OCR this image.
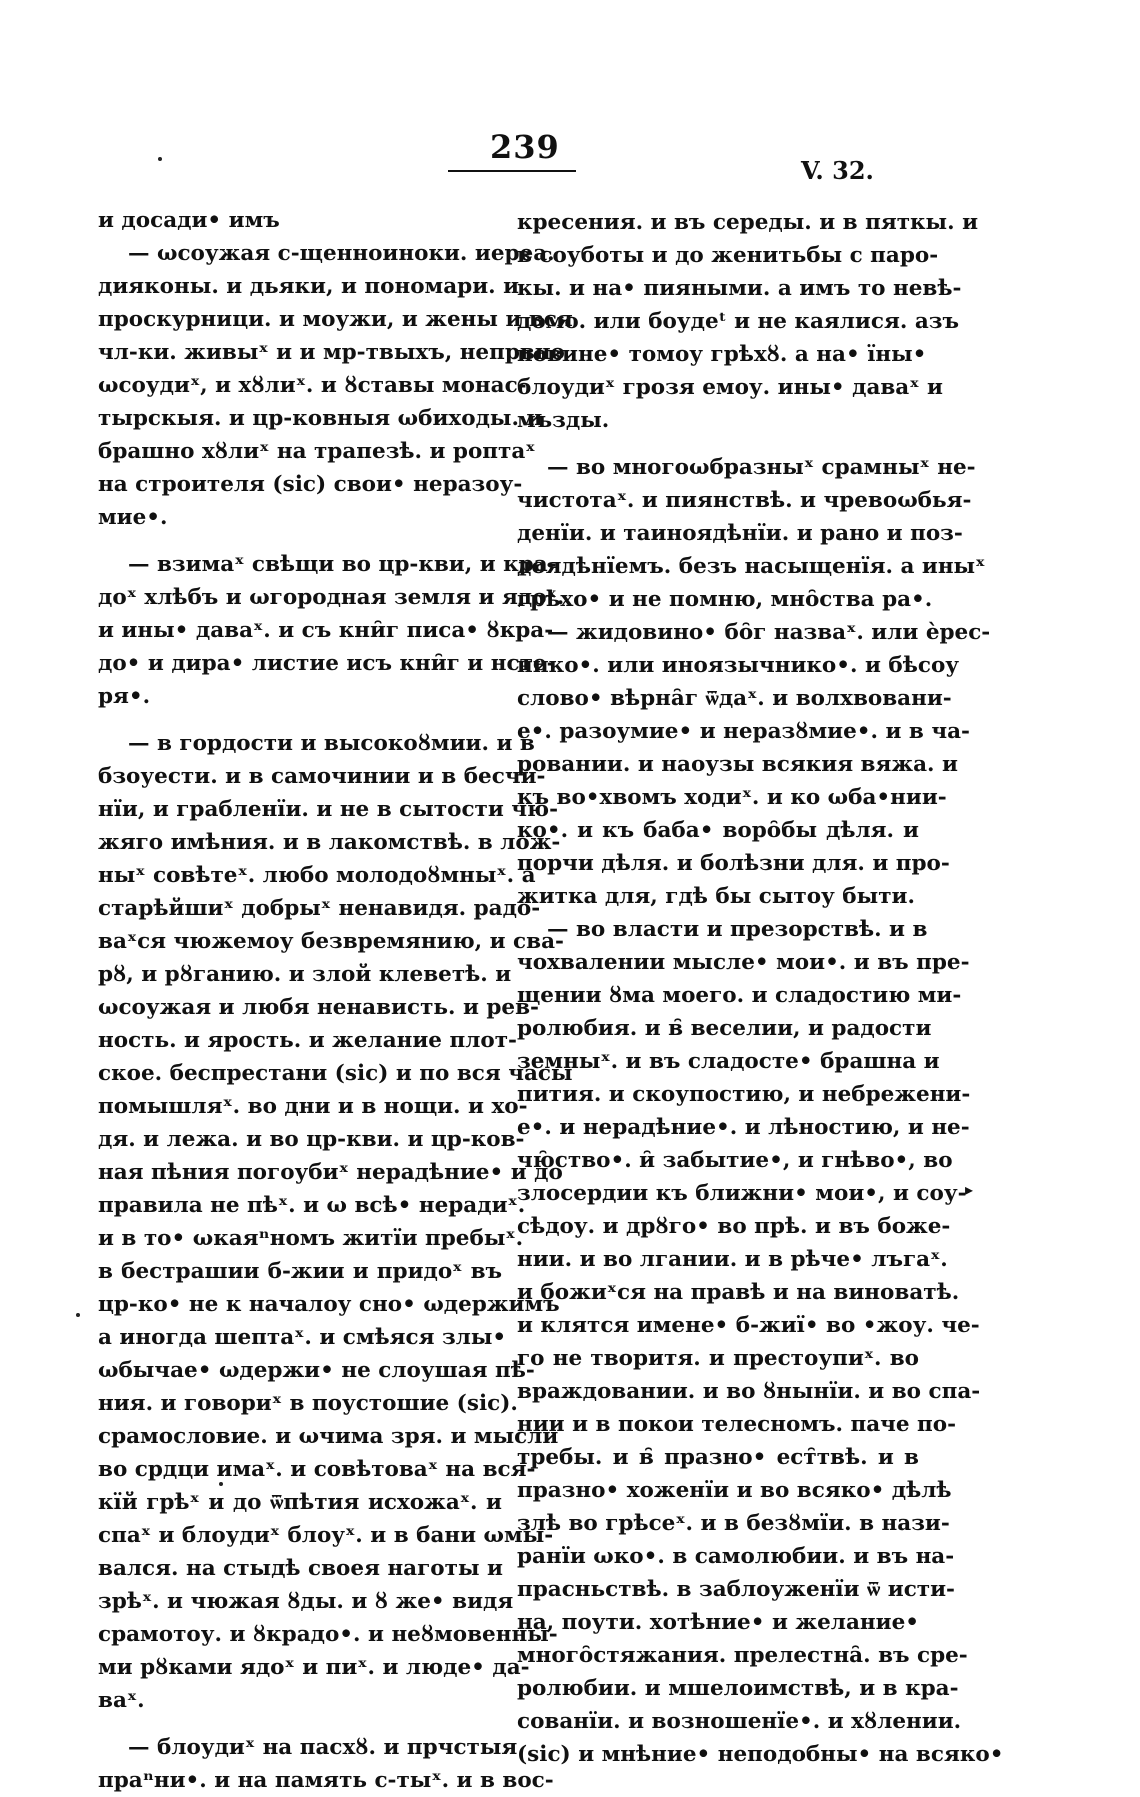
239
V. 32.
▸
и досади• имъ
— ωсоужая с-щенноиноки. иереа.
дияконы. и дьяки, и пономари. и
проскурници. и моужи, и жены и вся
чл-ки. живыˣ и и мр-твыхъ, непрвно
ωсоудиˣ, и хȣлиˣ. и ȣставы монас-
тырскыя. и цр-ковныя ωбиходы. и
брашно хȣлиˣ на трапезѣ. и роптаˣ
на строителя (sic) свои• неразоу-
мие•.
— взимаˣ свѣщи во цр-кви, и кра-
доˣ хлѣбъ и ωгородная земля и ядоˣ.
и ины• даваˣ. и съ кни̑г писа• ȣкра-
до• и дира• листие исъ кни̑г и нстe-
ря•.
— в гордости и высокоȣмии. и в
бзоуести. и в самочинии и в бесчи-
нїи, и грабленїи. и не в сытости чю-
жяго имѣния. и в лакомствѣ. в лож-
ныˣ совѣтеˣ. любо молодоȣмныˣ. а
старѣйшиˣ добрыˣ ненавидя. радо-
ваˣся чюжемоу безвремянию, и сва-
рȣ, и рȣганию. и злой клеветѣ. и
ωсоужая и любя ненависть. и рев-
ность. и ярость. и желание плот-
ское. беспрестани (sic) и по вся часы
помышляˣ. во дни и в нощи. и хо-
дя. и лежа. и во цр-кви. и цр-ков-
ная пѣния погоубиˣ нерадѣние• и до
правила не пѣˣ. и ω всѣ• нерадиˣ.
и в то• ωкаяⁿномъ житїи пребыˣ.
в бестрашии б-жии и придоˣ въ
цр-ко• не к началоу сно• ωдержимъ
а иногда шептаˣ. и смѣяся злы•
ωбычае• ωдержи• не слоушая пѣ-
ния. и говориˣ в поустошие (sic).
срамословие. и ωчима зря. и мысли
во срдци имаˣ. и совѣтоваˣ на вся-
кїй грѣˣ и до ѿпѣтия исхожаˣ. и
спаˣ и блоудиˣ блоуˣ. и в бани ωмы-
вался. на стыдѣ своея наготы и
зрѣˣ. и чюжая ȣды. и ȣ же• видя
срамотоу. и ȣкрадо•. и неȣмовенны-
ми рȣками ядоˣ и пиˣ. и люде• да-
ваˣ.
— блоудиˣ на пасхȣ. и прчстыя
праⁿни•. и на память с-тыˣ. и в вос-
кресения. и въ середы. и в пяткы. и
в соуботы и до женитьбы с паро-
кы. и на• пияными. а имъ то невѣ-
домо. или боудеᵗ и не каялися. азъ
повине• томоу грѣхȣ. а на• їны•
блоудиˣ грозя емоу. ины• даваˣ и
мъзды.
— во многоωбразныˣ срамныˣ не-
чистотаˣ. и пиянствѣ. и чревоωбья-
денїи. и таиноядѣнїи. и рано и поз-
доядѣнїемъ. безъ насыщенїя. а иныˣ
грѣхо• и не помню, мно̑ства ра•.
— жидовино• бо̑г назваˣ. или ѐрес-
нико•. или иноязычнико•. и бѣсоу
слово• вѣрна̑г ѿдаˣ. и волхвовани-
е•. разоумие• и неразȣмие•. и в ча-
ровании. и наоузы всякия вяжа. и
къ во•хвомъ ходиˣ. и ко ωба•нии-
ко•. и къ баба• воро̑бы дѣля. и
порчи дѣля. и болѣзни для. и про-
житка для, гдѣ бы сытоу быти.
— во власти и презорствѣ. и в
чохвалении мысле• мои•. и въ пре-
щении ȣма моего. и сладостию ми-
ролюбия. и в̑ веселии, и радости
земныˣ. и въ сладосте• брашна и
пития. и скоупостию, и небрежени-
е•. и нерадѣние•. и лѣностию, и не-
чю̑ство•. и̑ забытие•, и гнѣво•, во
злосердии къ ближни• мои•, и соу-
сѣдоу. и дрȣго• во прѣ. и въ боже-
нии. и во лгании. и в рѣче• лъгаˣ.
и божиˣся на правѣ и на виноватѣ.
и клятся имене• б-жиї• во •жоу. че-
го не творитя. и престоупиˣ. во
враждовании. и во ȣнынїи. и во спа-
нии и в покои телесномъ. паче по-
требы. и в̑ празно• ест̑твѣ. и в
празно• хоженїи и во всяко• дѣлѣ
злѣ во грѣсеˣ. и в безȣмїи. в нази-
ранїи ωко•. в самолюбии. и въ на-
прасньствѣ. в заблоуженїи ѿ исти-
на, поути. хотѣние• и желание•
много̑стяжания. прелестна̑. въ сре-
ролюбии. и мшелоимствѣ, и в кра-
сованїи. и вознoшенїе•. и хȣлении.
(sic) и мнѣние• неподобны• на всяко•
